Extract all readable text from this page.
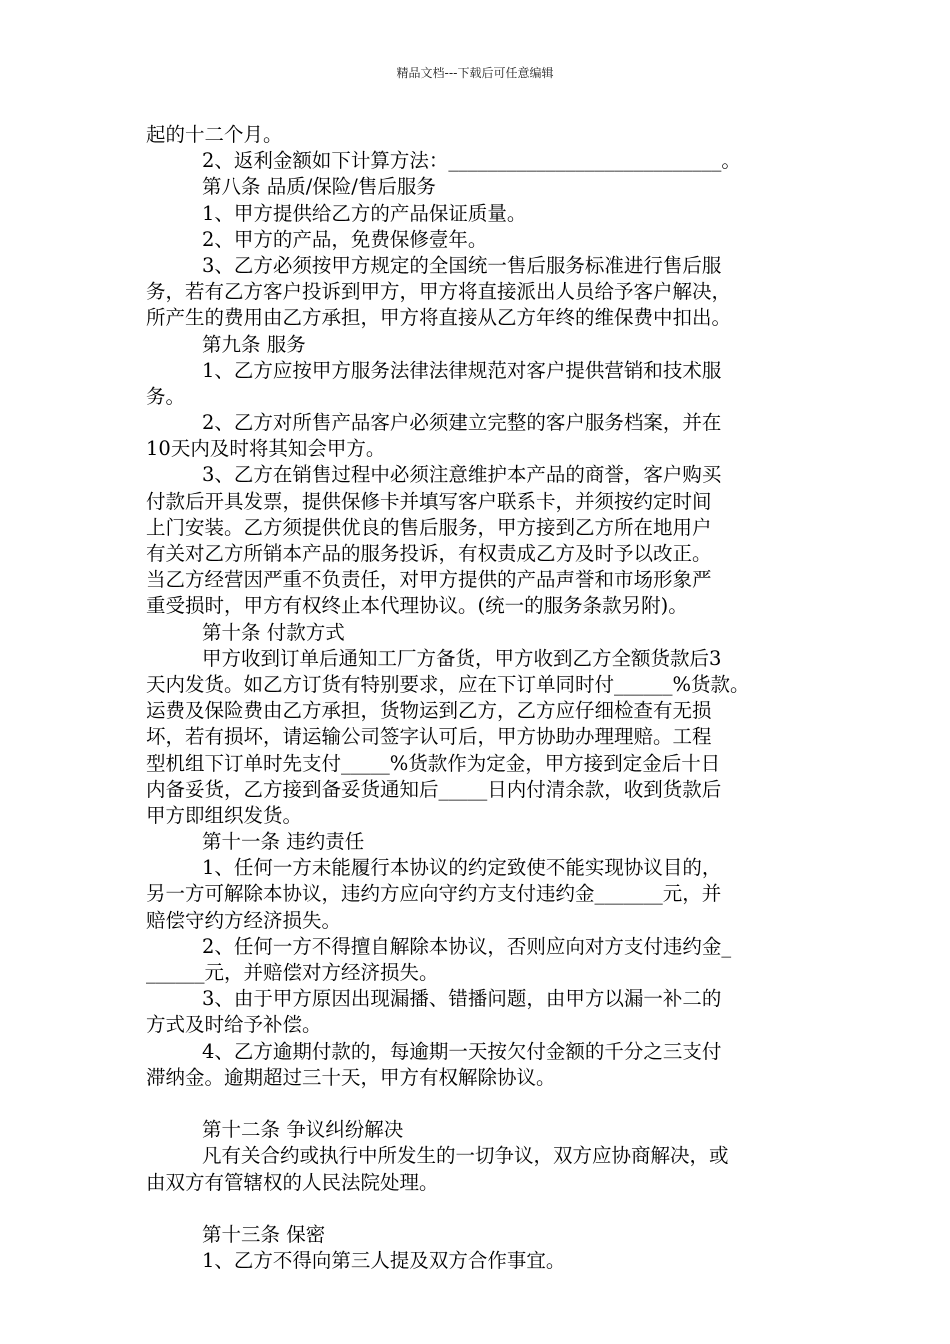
精品文档---下载后可任意编辑
起的十二个月。
2、返利金额如下计算方法：____________________________。
第八条 品质/保险/售后服务
1、甲方提供给乙方的产品保证质量。
2、甲方的产品，免费保修壹年。
3、乙方必须按甲方规定的全国统一售后服务标准进行售后服
务，若有乙方客户投诉到甲方，甲方将直接派出人员给予客户解决，
所产生的费用由乙方承担，甲方将直接从乙方年终的维保费中扣出。
第九条 服务
1、乙方应按甲方服务法律法律规范对客户提供营销和技术服
务。
2、乙方对所售产品客户必须建立完整的客户服务档案，并在
10天内及时将其知会甲方。
3、乙方在销售过程中必须注意维护本产品的商誉，客户购买
付款后开具发票，提供保修卡并填写客户联系卡，并须按约定时间
上门安装。乙方须提供优良的售后服务，甲方接到乙方所在地用户
有关对乙方所销本产品的服务投诉，有权责成乙方及时予以改正。
当乙方经营因严重不负责任，对甲方提供的产品声誉和市场形象严
重受损时，甲方有权终止本代理协议。(统一的服务条款另附)。
第十条 付款方式
甲方收到订单后通知工厂方备货，甲方收到乙方全额货款后3
天内发货。如乙方订货有特别要求，应在下订单同时付______%货款。
运费及保险费由乙方承担，货物运到乙方，乙方应仔细检查有无损
坏，若有损坏，请运输公司签字认可后，甲方协助办理理赔。工程
型机组下订单时先支付_____%货款作为定金，甲方接到定金后十日
内备妥货，乙方接到备妥货通知后_____日内付清余款，收到货款后
甲方即组织发货。
第十一条 违约责任
1、任何一方未能履行本协议的约定致使不能实现协议目的，
另一方可解除本协议，违约方应向守约方支付违约金_______元，并
赔偿守约方经济损失。
2、任何一方不得擅自解除本协议，否则应向对方支付违约金_
______元，并赔偿对方经济损失。
3、由于甲方原因出现漏播、错播问题，由甲方以漏一补二的
方式及时给予补偿。
4、乙方逾期付款的，每逾期一天按欠付金额的千分之三支付
滞纳金。逾期超过三十天，甲方有权解除协议。
第十二条 争议纠纷解决
凡有关合约或执行中所发生的一切争议，双方应协商解决，或
由双方有管辖权的人民法院处理。
第十三条 保密
1、乙方不得向第三人提及双方合作事宜。
